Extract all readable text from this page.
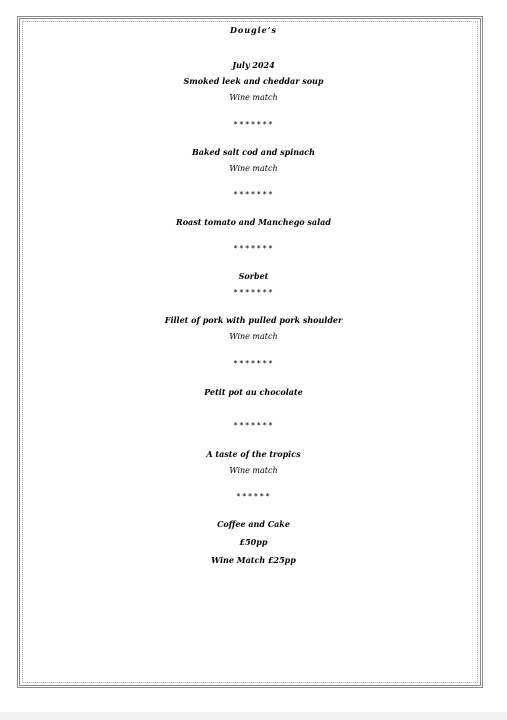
Dougie’s
July 2024
Smoked leek and cheddar soup
Wine match
*******
Baked salt cod and spinach
Wine match
*******
Roast tomato and Manchego salad
*******
Sorbet
*******
Fillet of pork with pulled pork shoulder
Wine match
*******
Petit pot au chocolate
*******
A taste of the tropics
Wine match
******
Coffee and Cake
£50pp
Wine Match £25pp
